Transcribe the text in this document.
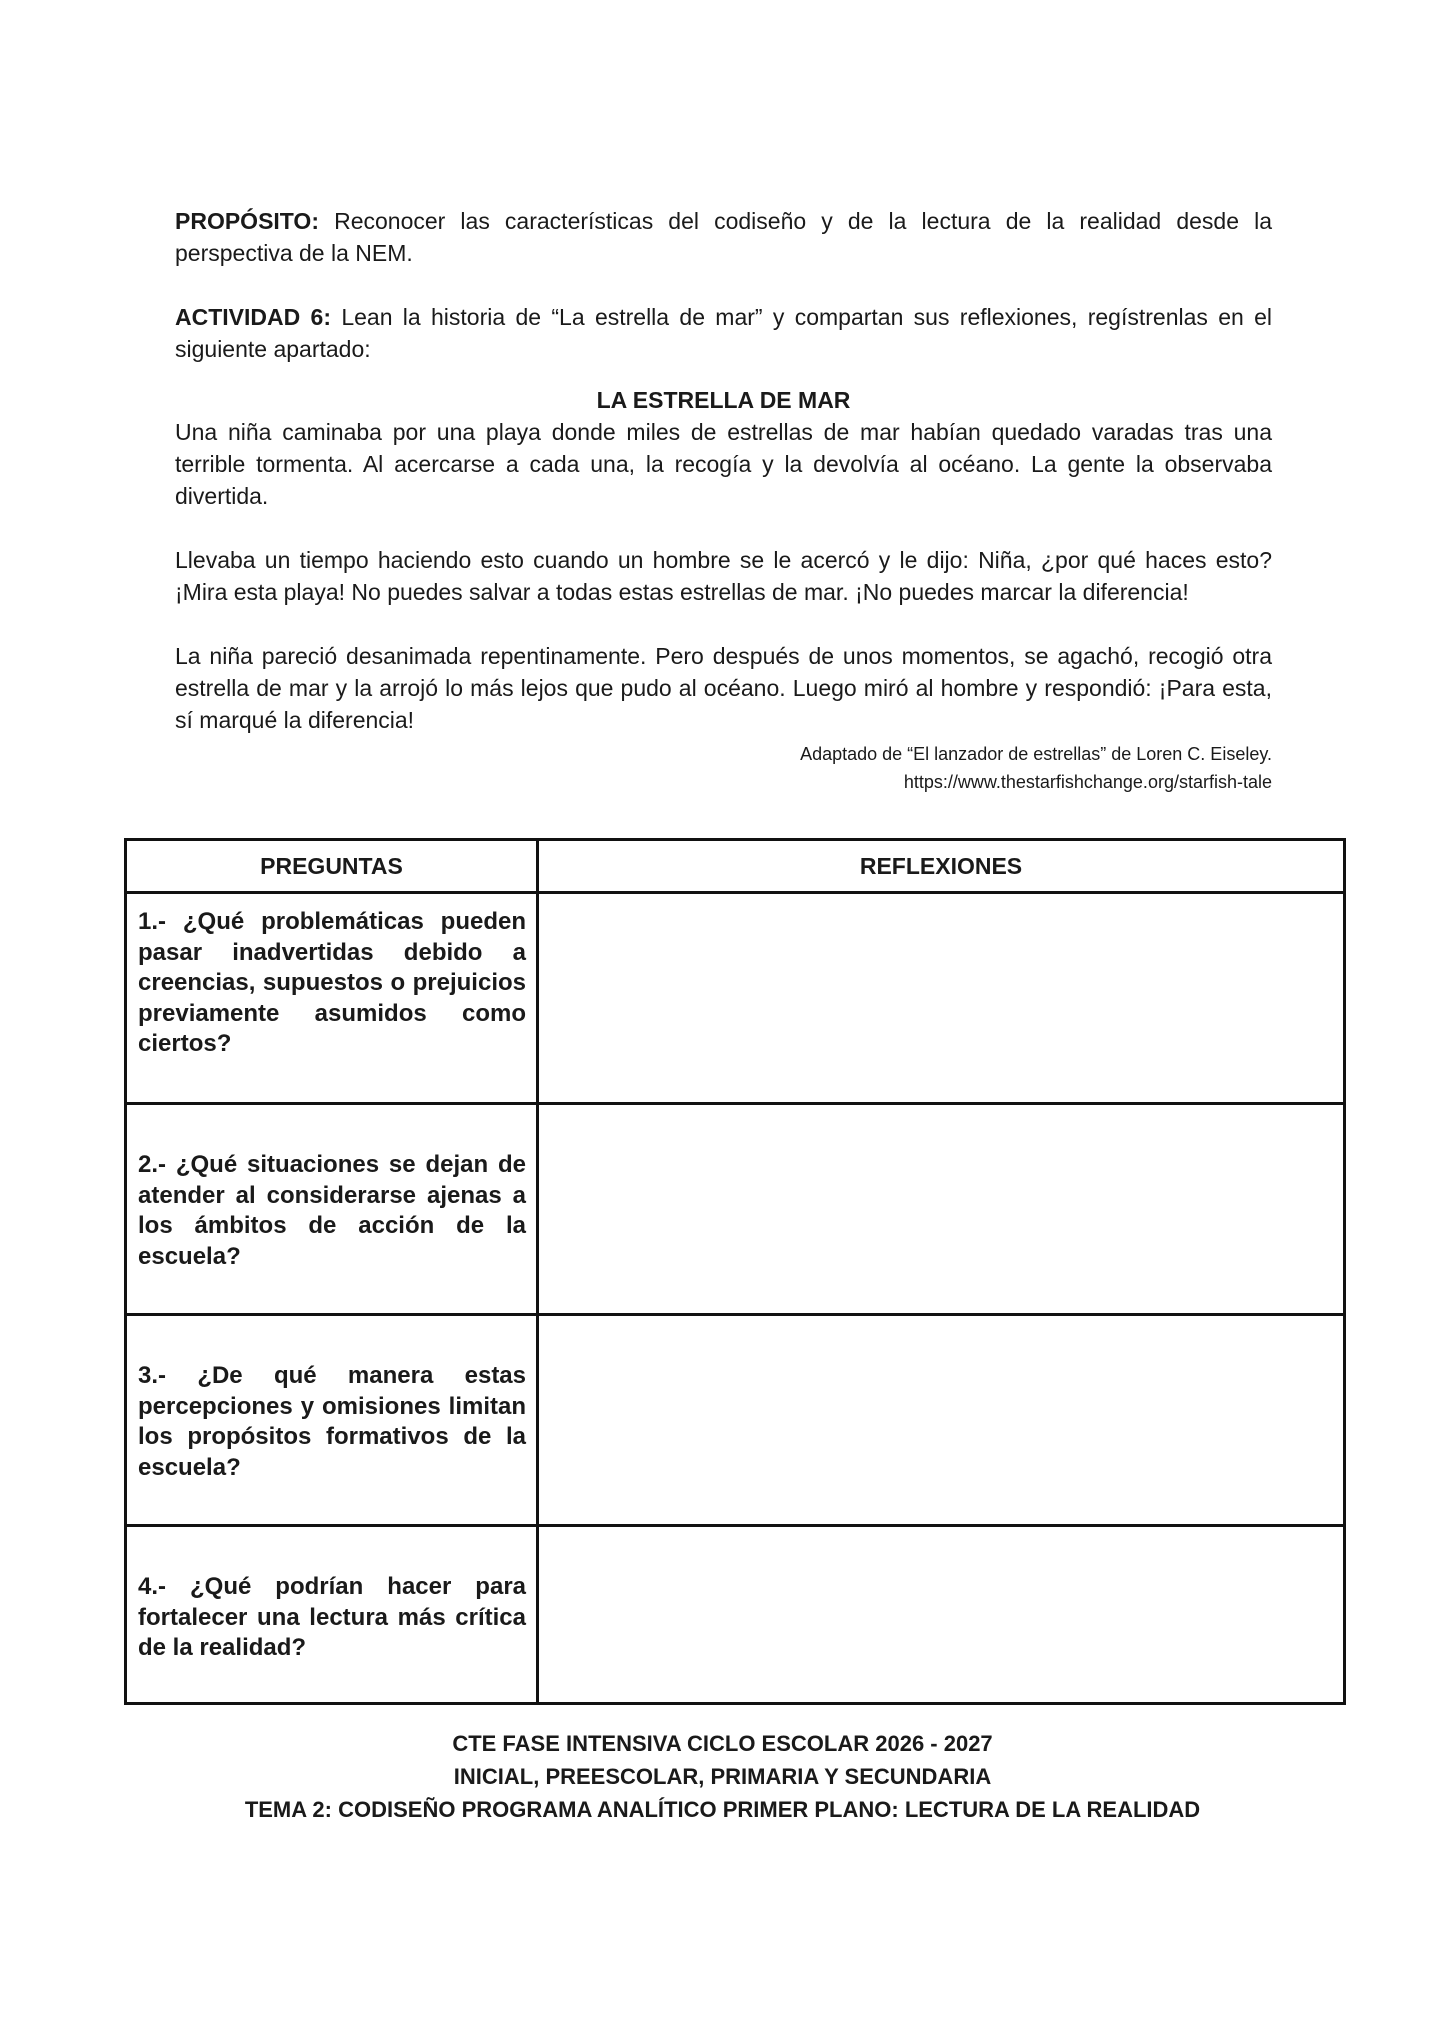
PROPÓSITO: Reconocer las características del codiseño y de la lectura de la realidad desde la perspectiva de la NEM.

ACTIVIDAD 6: Lean la historia de “La estrella de mar” y compartan sus reflexiones, regístrenlas en el siguiente apartado:

LA ESTRELLA DE MAR

Una niña caminaba por una playa donde miles de estrellas de mar habían quedado varadas tras una terrible tormenta. Al acercarse a cada una, la recogía y la devolvía al océano. La gente la observaba divertida.

Llevaba un tiempo haciendo esto cuando un hombre se le acercó y le dijo: Niña, ¿por qué haces esto? ¡Mira esta playa! No puedes salvar a todas estas estrellas de mar. ¡No puedes marcar la diferencia!

La niña pareció desanimada repentinamente. Pero después de unos momentos, se agachó, recogió otra estrella de mar y la arrojó lo más lejos que pudo al océano. Luego miró al hombre y respondió: ¡Para esta, sí marqué la diferencia!

Adaptado de “El lanzador de estrellas” de Loren C. Eiseley.
https://www.thestarfishchange.org/starfish-tale
PREGUNTAS	REFLEXIONES

1.- ¿Qué problemáticas pueden pasar inadvertidas debido a creencias, supuestos o prejuicios previamente asumidos como ciertos?	

2.- ¿Qué situaciones se dejan de atender al considerarse ajenas a los ámbitos de acción de la escuela?	

3.- ¿De qué manera estas percepciones y omisiones limitan los propósitos formativos de la escuela?	

4.- ¿Qué podrían hacer para fortalecer una lectura más crítica de la realidad?	

CTE FASE INTENSIVA CICLO ESCOLAR 2026 - 2027
INICIAL, PREESCOLAR, PRIMARIA Y SECUNDARIA
TEMA 2: CODISEÑO PROGRAMA ANALÍTICO PRIMER PLANO: LECTURA DE LA REALIDAD
